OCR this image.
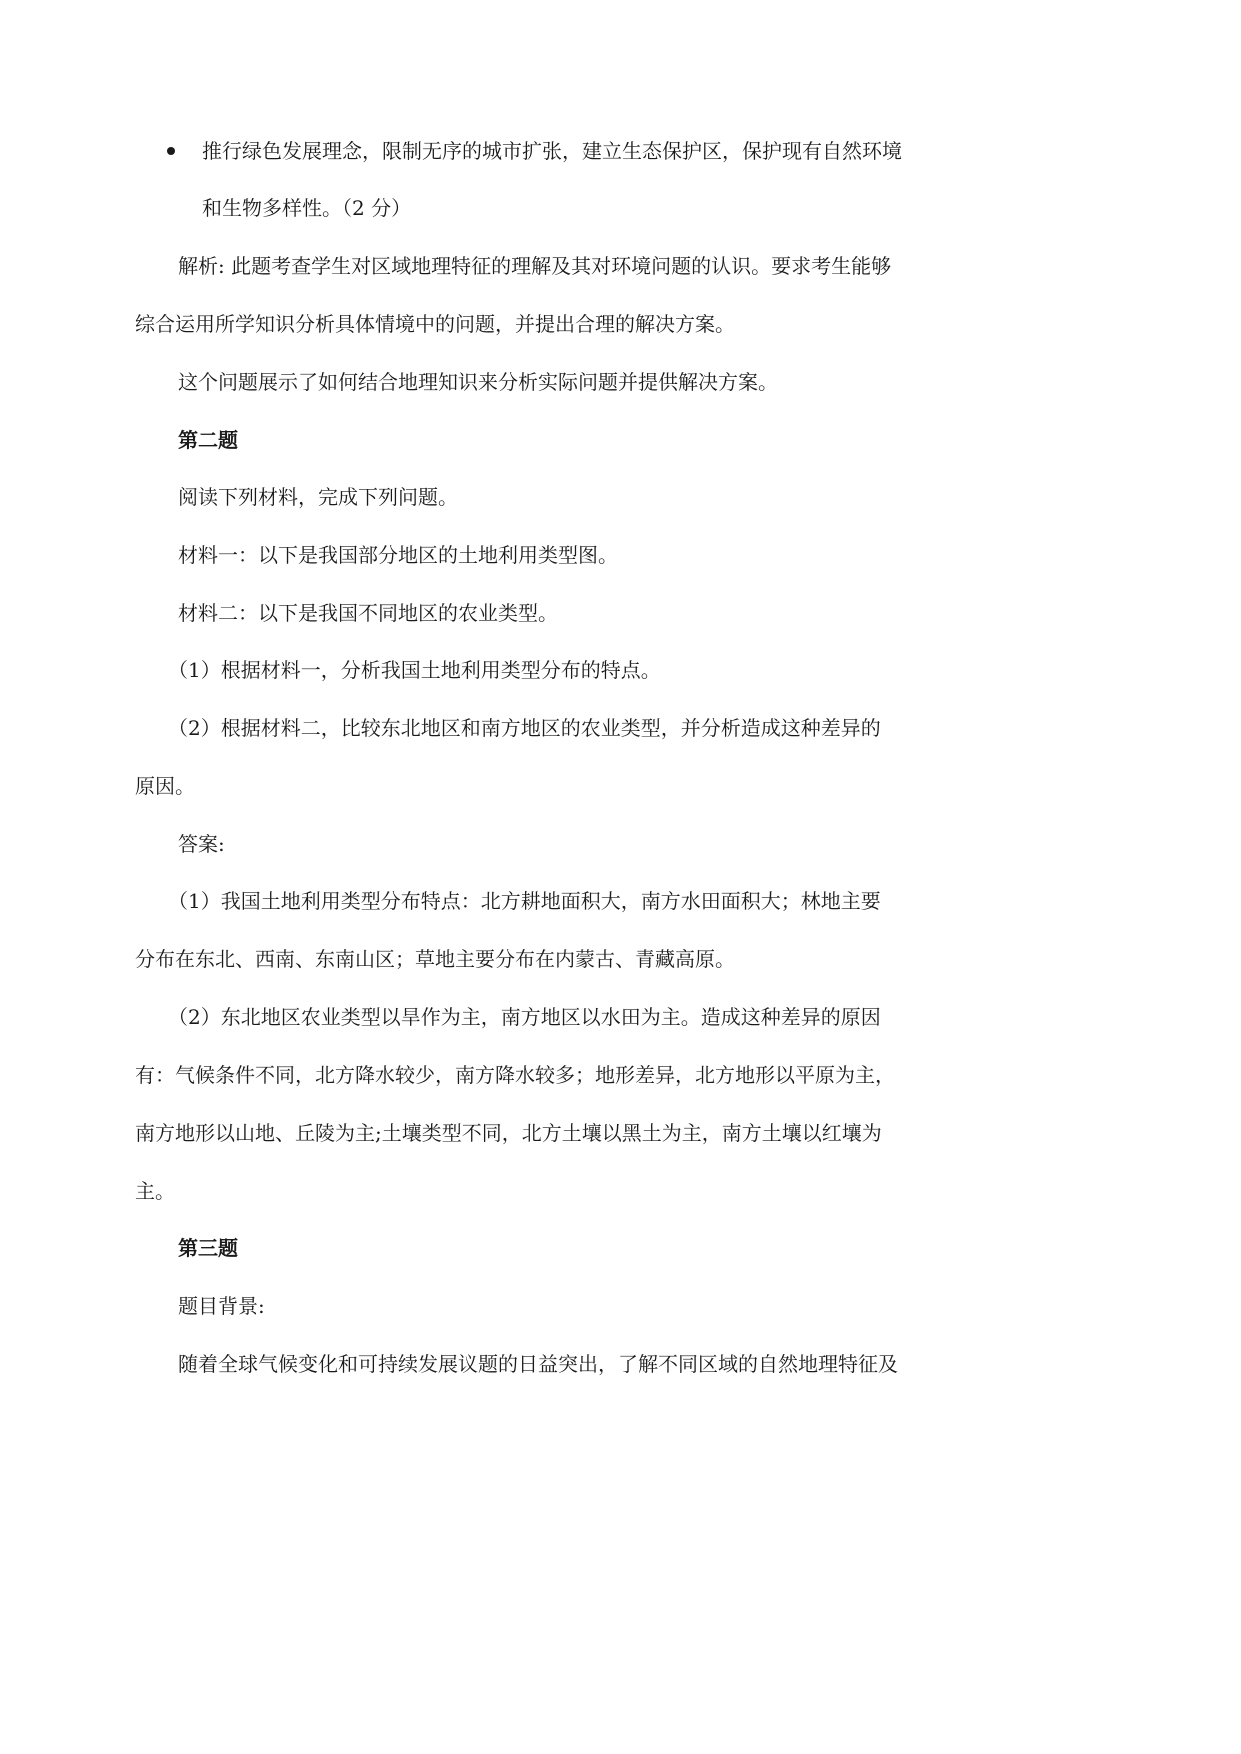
推行绿色发展理念，限制无序的城市扩张，建立生态保护区，保护现有自然环境
和生物多样性。（2 分）
解析: 此题考查学生对区域地理特征的理解及其对环境问题的认识。要求考生能够
综合运用所学知识分析具体情境中的问题，并提出合理的解决方案。
这个问题展示了如何结合地理知识来分析实际问题并提供解决方案。
第二题
阅读下列材料，完成下列问题。
材料一：以下是我国部分地区的土地利用类型图。
材料二：以下是我国不同地区的农业类型。
（1）根据材料一，分析我国土地利用类型分布的特点。
（2）根据材料二，比较东北地区和南方地区的农业类型，并分析造成这种差异的
原因。
答案:
（1）我国土地利用类型分布特点：北方耕地面积大，南方水田面积大；林地主要
分布在东北、西南、东南山区；草地主要分布在内蒙古、青藏高原。
（2）东北地区农业类型以旱作为主，南方地区以水田为主。造成这种差异的原因
有：气候条件不同，北方降水较少，南方降水较多；地形差异，北方地形以平原为主，
南方地形以山地、丘陵为主;土壤类型不同，北方土壤以黑土为主，南方土壤以红壤为
主。
第三题
题目背景:
随着全球气候变化和可持续发展议题的日益突出，了解不同区域的自然地理特征及
